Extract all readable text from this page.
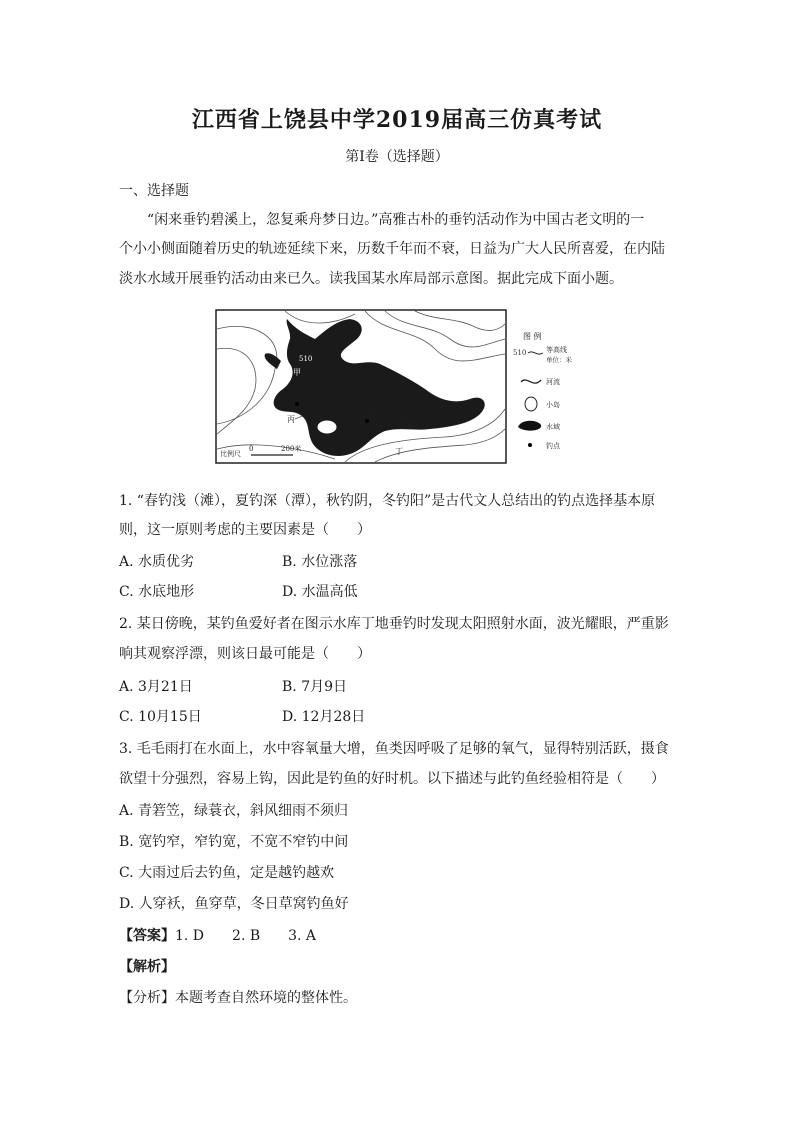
江西省上饶县中学2019届高三仿真考试
第Ⅰ卷（选择题）
一、选择题
“闲来垂钓碧溪上，忽复乘舟梦日边。”高雅古朴的垂钓活动作为中国古老文明的一
个小小侧面随着历史的轨迹延续下来，历数千年而不衰，日益为广大人民所喜爱，在内陆
淡水水域开展垂钓活动由来已久。读我国某水库局部示意图。据此完成下面小题。
510
515
甲
乙
丙
丁
比例尺
0	200米
图 例
510	等高线
单位：米
河流
小岛
水域
钓点
1. “春钓浅（滩），夏钓深（潭），秋钓阴，冬钓阳”是古代文人总结出的钓点选择基本原
则，这一原则考虑的主要因素是（　　）
A. 水质优劣	B. 水位涨落
C. 水底地形	D. 水温高低
2. 某日傍晚，某钓鱼爱好者在图示水库丁地垂钓时发现太阳照射水面，波光耀眼，严重影
响其观察浮漂，则该日最可能是（　　）
A. 3月21日	B. 7月9日
C. 10月15日	D. 12月28日
3. 毛毛雨打在水面上，水中容氧量大增，鱼类因呼吸了足够的氧气，显得特别活跃，摄食
欲望十分强烈，容易上钩，因此是钓鱼的好时机。以下描述与此钓鱼经验相符是（　　）
A. 青箬笠，绿蓑衣，斜风细雨不须归
B. 宽钓窄，窄钓宽，不宽不窄钓中间
C. 大雨过后去钓鱼，定是越钓越欢
D. 人穿袄，鱼穿草，冬日草窝钓鱼好
【答案】1. D　　2. B　　3. A
【解析】
【分析】本题考查自然环境的整体性。
